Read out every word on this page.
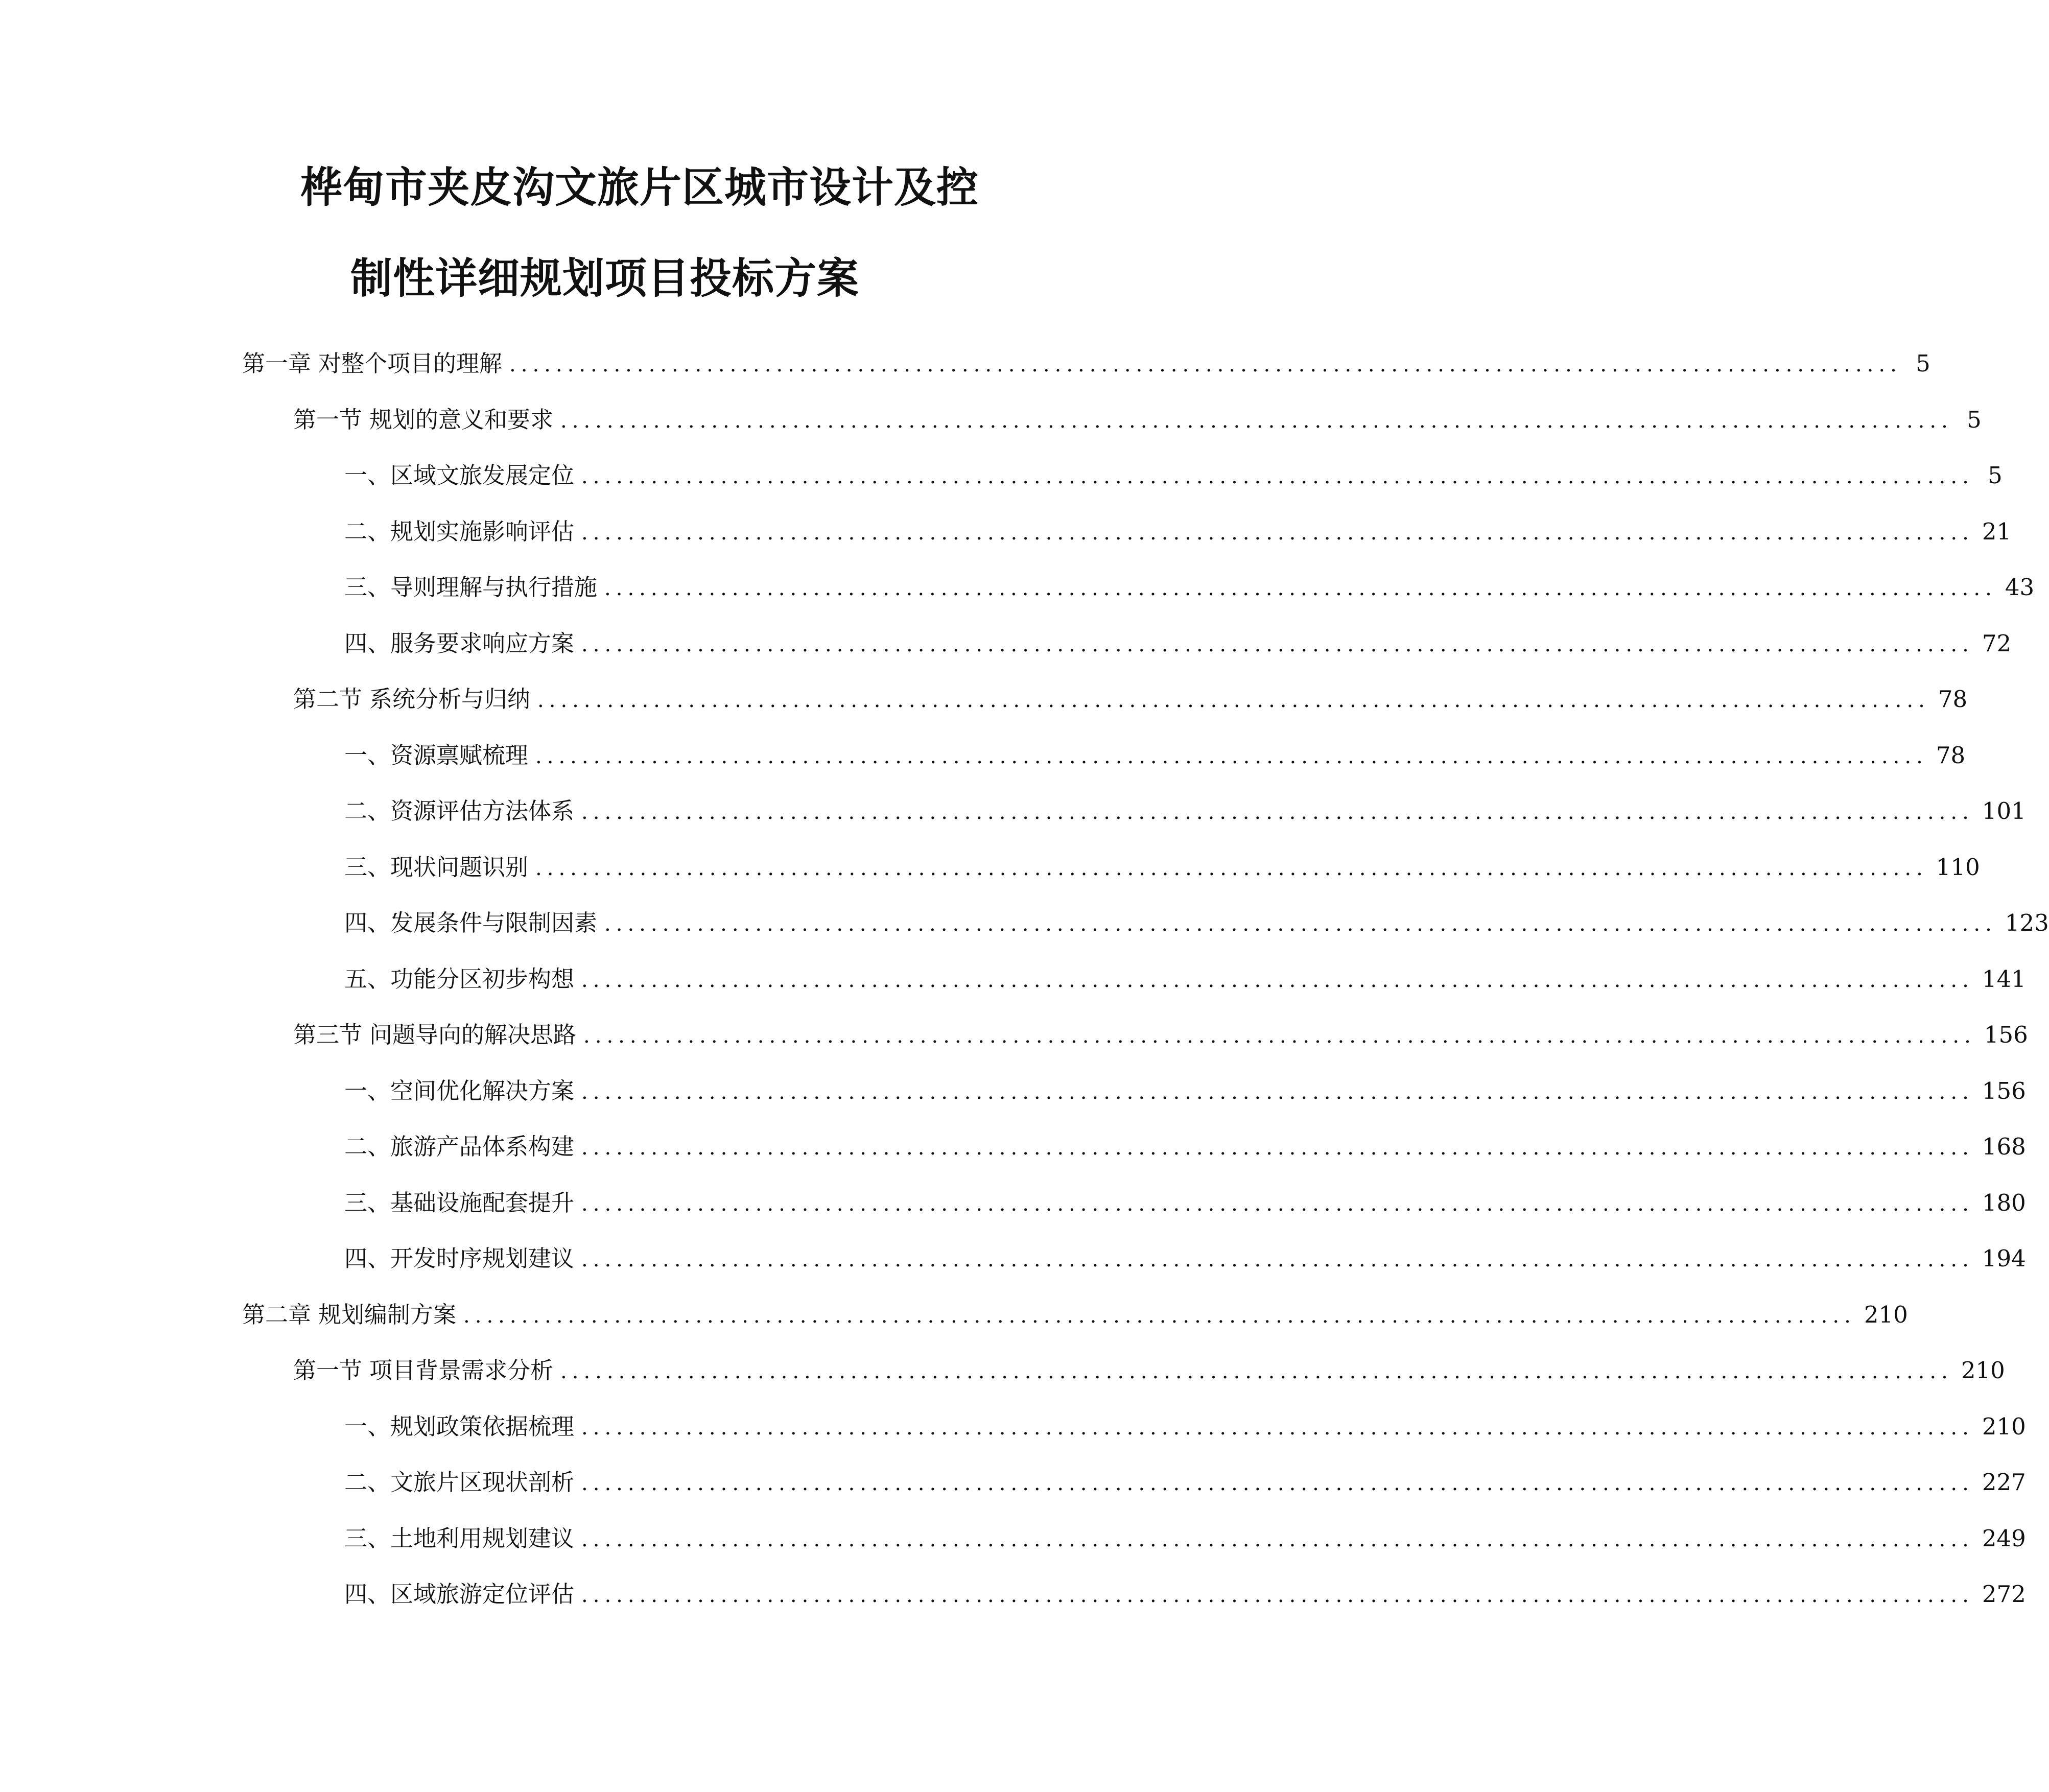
桦甸市夹皮沟文旅片区城市设计及控
制性详细规划项目投标方案
第一章 对整个项目的理解 ........................................................................................................................ 5
第一节 规划的意义和要求 ........................................................................................................................ 5
一、 区域文旅发展定位 ........................................................................................................................ 5
二、 规划实施影响评估 ........................................................................................................................ 21
三、 导则理解与执行措施 ........................................................................................................................ 43
四、 服务要求响应方案 ........................................................................................................................ 72
第二节 系统分析与归纳 ........................................................................................................................ 78
一、 资源禀赋梳理 ........................................................................................................................ 78
二、 资源评估方法体系 ........................................................................................................................ 101
三、 现状问题识别 ........................................................................................................................ 110
四、 发展条件与限制因素 ........................................................................................................................ 123
五、 功能分区初步构想 ........................................................................................................................ 141
第三节 问题导向的解决思路 ........................................................................................................................ 156
一、 空间优化解决方案 ........................................................................................................................ 156
二、 旅游产品体系构建 ........................................................................................................................ 168
三、 基础设施配套提升 ........................................................................................................................ 180
四、 开发时序规划建议 ........................................................................................................................ 194
第二章 规划编制方案 ........................................................................................................................ 210
第一节 项目背景需求分析 ........................................................................................................................ 210
一、 规划政策依据梳理 ........................................................................................................................ 210
二、 文旅片区现状剖析 ........................................................................................................................ 227
三、 土地利用规划建议 ........................................................................................................................ 249
四、 区域旅游定位评估 ........................................................................................................................ 272
